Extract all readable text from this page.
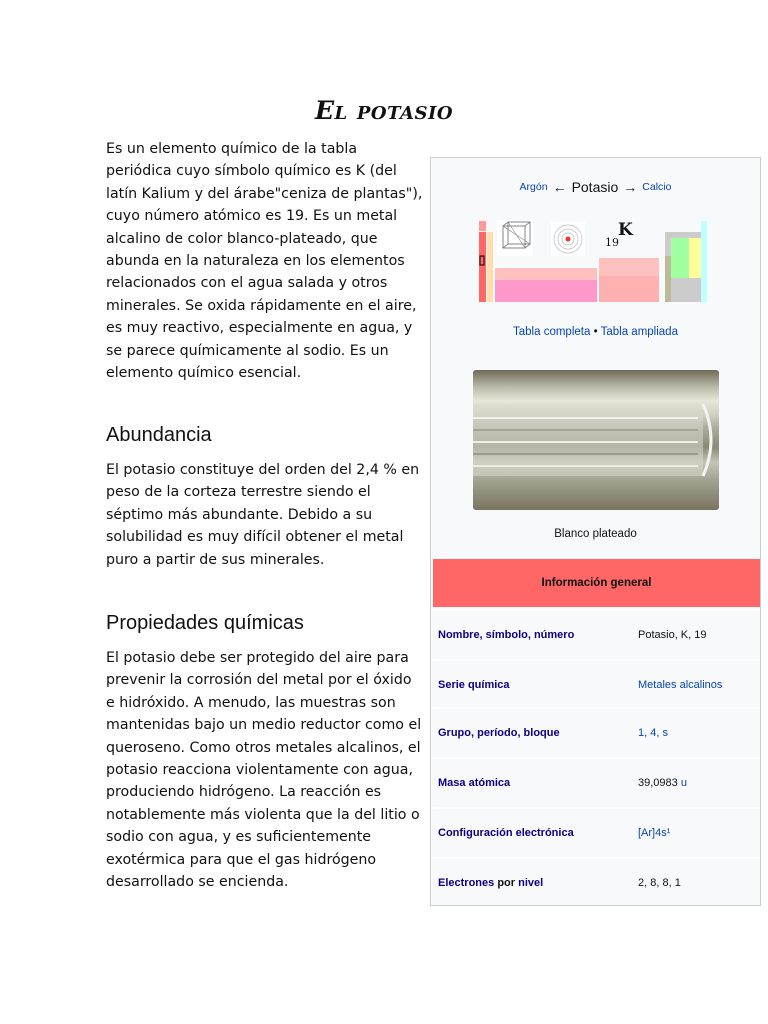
El potasio

Es un elemento químico de la tabla periódica cuyo símbolo químico es K (del latín Kalium y del árabe"ceniza de plantas"), cuyo número atómico es 19. Es un metal alcalino de color blanco-plateado, que abunda en la naturaleza en los elementos relacionados con el agua salada y otros minerales. Se oxida rápidamente en el aire, es muy reactivo, especialmente en agua, y se parece químicamente al sodio. Es un elemento químico esencial.

Abundancia

El potasio constituye del orden del 2,4 % en peso de la corteza terrestre siendo el séptimo más abundante. Debido a su solubilidad es muy difícil obtener el metal puro a partir de sus minerales.

Propiedades químicas

El potasio debe ser protegido del aire para prevenir la corrosión del metal por el óxido e hidróxido. A menudo, las muestras son mantenidas bajo un medio reductor como el queroseno. Como otros metales alcalinos, el potasio reacciona violentamente con agua, produciendo hidrógeno. La reacción es notablemente más violenta que la del litio o sodio con agua, y es suficientemente exotérmica para que el gas hidrógeno desarrollado se encienda.

Argón ← Potasio → Calcio
K
19
Tabla completa • Tabla ampliada
Blanco plateado
Información general
Nombre, símbolo, número	Potasio, K, 19
Serie química	Metales alcalinos
Grupo, período, bloque	1, 4, s
Masa atómica	39,0983 u
Configuración electrónica	[Ar]4s¹
Electrones por nivel	2, 8, 8, 1
